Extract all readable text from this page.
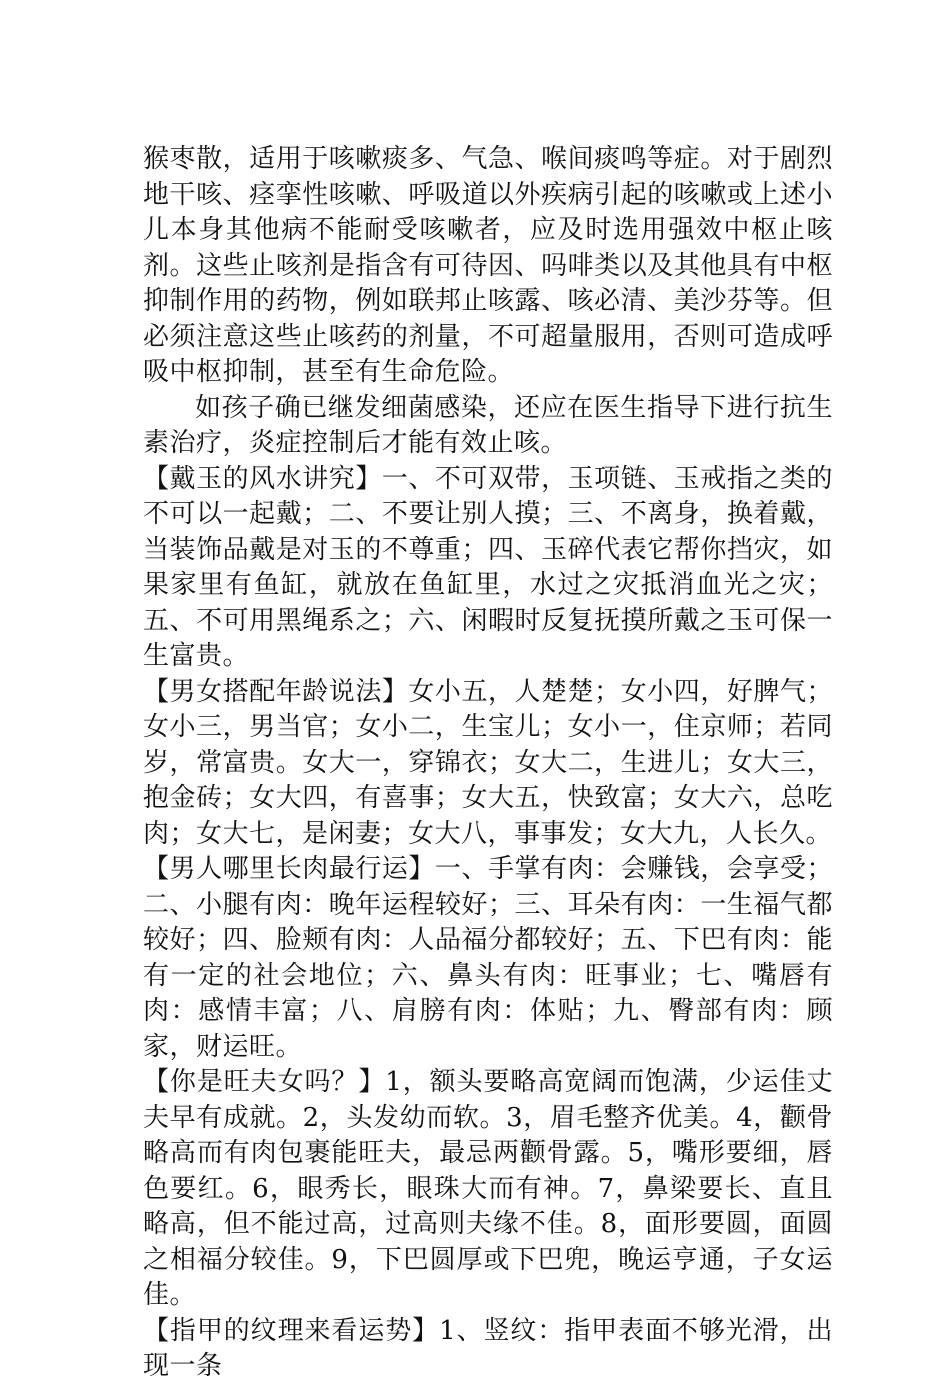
猴枣散，适用于咳嗽痰多、气急、喉间痰鸣等症。对于剧烈地干咳、痉挛性咳嗽、呼吸道以外疾病引起的咳嗽或上述小儿本身其他病不能耐受咳嗽者，应及时选用强效中枢止咳剂。这些止咳剂是指含有可待因、吗啡类以及其他具有中枢抑制作用的药物，例如联邦止咳露、咳必清、美沙芬等。但必须注意这些止咳药的剂量，不可超量服用，否则可造成呼吸中枢抑制，甚至有生命危险。

如孩子确已继发细菌感染，还应在医生指导下进行抗生素治疗，炎症控制后才能有效止咳。

【戴玉的风水讲究】一、不可双带，玉项链、玉戒指之类的不可以一起戴；二、不要让别人摸；三、不离身，换着戴，当装饰品戴是对玉的不尊重；四、玉碎代表它帮你挡灾，如果家里有鱼缸，就放在鱼缸里，水过之灾抵消血光之灾；五、不可用黑绳系之；六、闲暇时反复抚摸所戴之玉可保一生富贵。

【男女搭配年龄说法】女小五，人楚楚；女小四，好脾气；女小三，男当官；女小二，生宝儿；女小一，住京师；若同岁，常富贵。女大一，穿锦衣；女大二，生进儿；女大三，抱金砖；女大四，有喜事；女大五，快致富；女大六，总吃肉；女大七，是闲妻；女大八，事事发；女大九，人长久。

【男人哪里长肉最行运】一、手掌有肉：会赚钱，会享受；二、小腿有肉：晚年运程较好；三、耳朵有肉：一生福气都较好；四、脸颊有肉：人品福分都较好；五、下巴有肉：能有一定的社会地位；六、鼻头有肉：旺事业；七、嘴唇有肉：感情丰富；八、肩膀有肉：体贴；九、臀部有肉：顾家，财运旺。

【你是旺夫女吗？】1，额头要略高宽阔而饱满，少运佳丈夫早有成就。2，头发幼而软。3，眉毛整齐优美。4，颧骨略高而有肉包裹能旺夫，最忌两颧骨露。5，嘴形要细，唇色要红。6，眼秀长，眼珠大而有神。7，鼻梁要长、直且略高，但不能过高，过高则夫缘不佳。8，面形要圆，面圆之相福分较佳。9，下巴圆厚或下巴兜，晚运亨通，子女运佳。

【指甲的纹理来看运势】1、竖纹：指甲表面不够光滑，出现一条
